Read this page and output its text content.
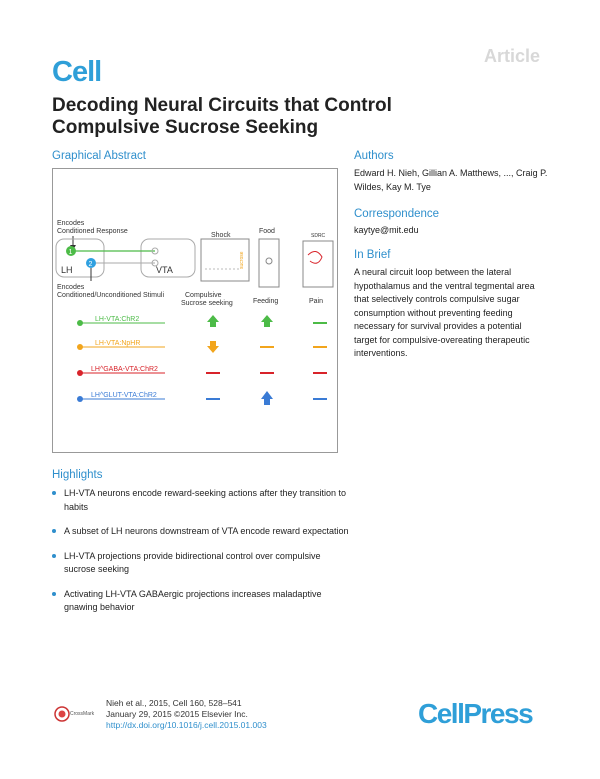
Article
Cell
Decoding Neural Circuits that Control Compulsive Sucrose Seeking
Graphical Abstract
Encodes
Conditioned Response
LH	VTA
1
2
Encodes
Conditioned/Unconditioned Stimuli
Shock
sucrose
Food
SDRC
Compulsive
Sucrose seeking	Feeding	Pain
LH-VTA:ChR2
LH-VTA:NpHR
LH^GABA-VTA:ChR2
LH^GLUT-VTA:ChR2
Authors
Edward H. Nieh, Gillian A. Matthews, ..., Craig P. Wildes, Kay M. Tye
Correspondence
kaytye@mit.edu
In Brief
A neural circuit loop between the lateral hypothalamus and the ventral tegmental area that selectively controls compulsive sugar consumption without preventing feeding necessary for survival provides a potential target for compulsive-overeating therapeutic interventions.
Highlights
LH-VTA neurons encode reward-seeking actions after they transition to habits
A subset of LH neurons downstream of VTA encode reward expectation
LH-VTA projections provide bidirectional control over compulsive sucrose seeking
Activating LH-VTA GABAergic projections increases maladaptive gnawing behavior
CrossMark
Nieh et al., 2015, Cell 160, 528–541
January 29, 2015 ©2015 Elsevier Inc.
http://dx.doi.org/10.1016/j.cell.2015.01.003	CellPress
